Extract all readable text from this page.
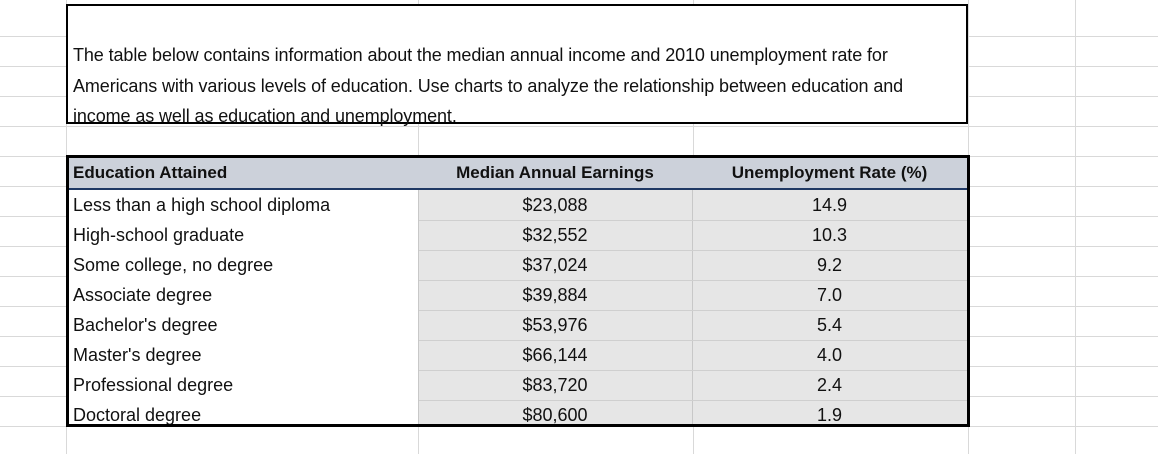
The table below contains information about the median annual income and 2010 unemployment rate for Americans with various levels of education. Use charts to analyze the relationship between education and income as well as education and unemployment.

Education Attained	Median Annual Earnings	Unemployment Rate (%)
Less than a high school diploma	$23,088	14.9
High-school graduate	$32,552	10.3
Some college, no degree	$37,024	9.2
Associate degree	$39,884	7.0
Bachelor's degree	$53,976	5.4
Master's degree	$66,144	4.0
Professional degree	$83,720	2.4
Doctoral degree	$80,600	1.9
